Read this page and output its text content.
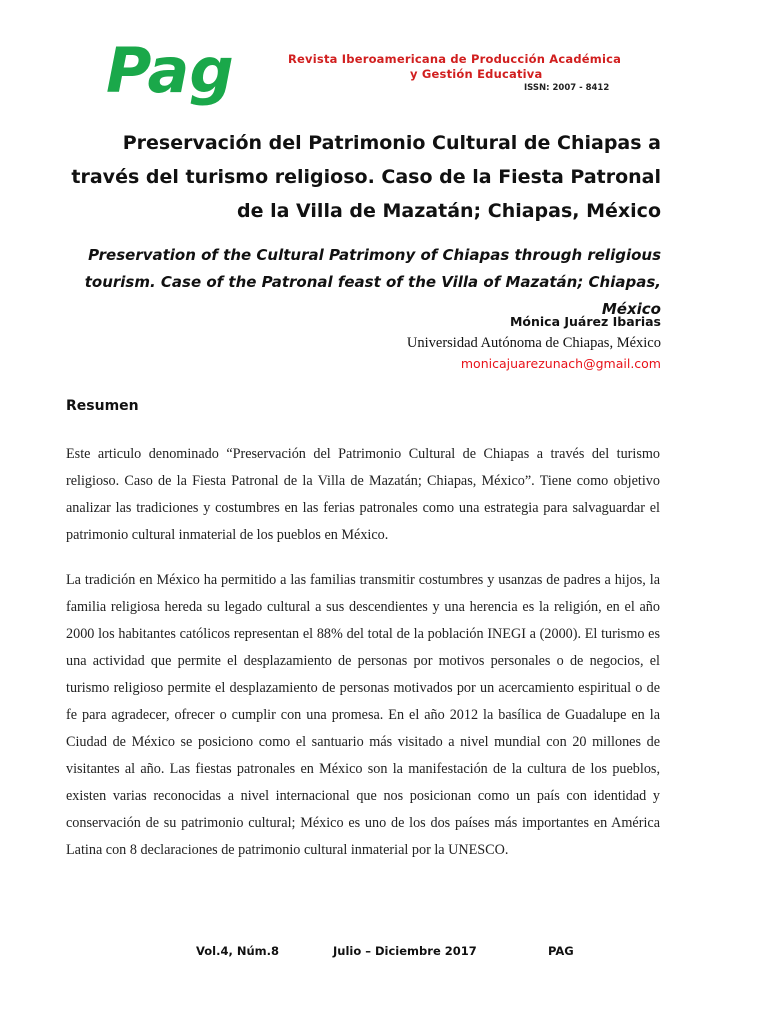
Pag	Revista Iberoamericana de Producción Académica
y Gestión Educativa
ISSN: 2007 - 8412
Preservación del Patrimonio Cultural de Chiapas a través del turismo religioso. Caso de la Fiesta Patronal de la Villa de Mazatán; Chiapas, México
Preservation of the Cultural Patrimony of Chiapas through religious tourism. Case of the Patronal feast of the Villa of Mazatán; Chiapas, México
Mónica Juárez Ibarias
Universidad Autónoma de Chiapas, México
monicajuarezunach@gmail.com
Resumen

Este articulo denominado “Preservación del Patrimonio Cultural de Chiapas a través del turismo religioso. Caso de la Fiesta Patronal de la Villa de Mazatán; Chiapas, México”. Tiene como objetivo analizar las tradiciones y costumbres en las ferias patronales como una estrategia para salvaguardar el patrimonio cultural inmaterial de los pueblos en México.

La tradición en México ha permitido a las familias transmitir costumbres y usanzas de padres a hijos, la familia religiosa hereda su legado cultural a sus descendientes y una herencia es la religión, en el año 2000 los habitantes católicos representan el 88% del total de la población INEGI a (2000). El turismo es una actividad que permite el desplazamiento de personas por motivos personales o de negocios, el turismo religioso permite el desplazamiento de personas motivados por un acercamiento espiritual o de fe para agradecer, ofrecer o cumplir con una promesa. En el año 2012 la basílica de Guadalupe en la Ciudad de México se posiciono como el santuario más visitado a nivel mundial con 20 millones de visitantes al año. Las fiestas patronales en México son la manifestación de la cultura de los pueblos, existen varias reconocidas a nivel internacional que nos posicionan como un país con identidad y conservación de su patrimonio cultural; México es uno de los dos países más importantes en América Latina con 8 declaraciones de patrimonio cultural inmaterial por la UNESCO.

Vol.4, Núm.8	Julio – Diciembre 2017	PAG
